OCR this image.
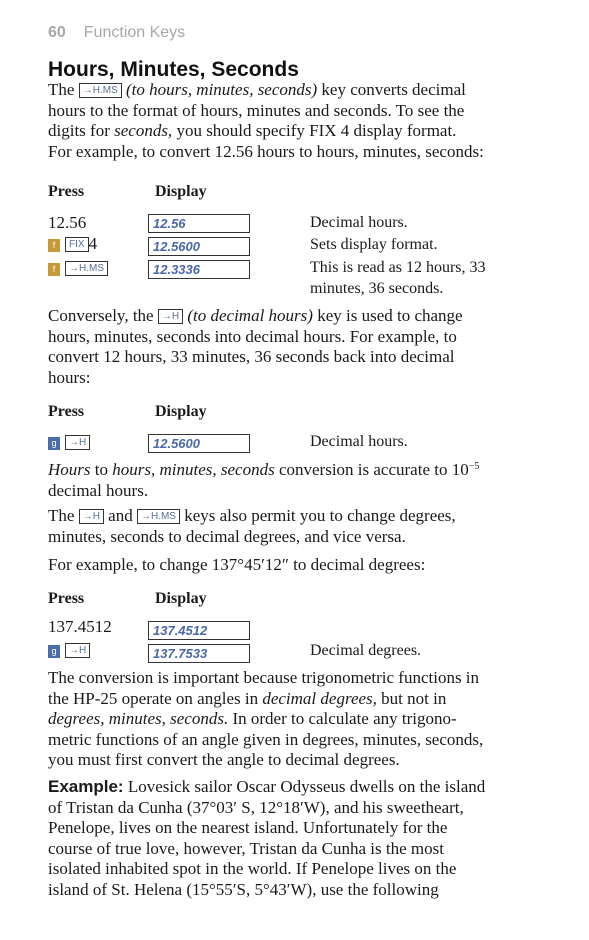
60 Function Keys
Hours, Minutes, Seconds
The →H.MS (to hours, minutes, seconds) key converts decimal
hours to the format of hours, minutes and seconds. To see the
digits for seconds, you should specify FIX 4 display format.
For example, to convert 12.56 hours to hours, minutes, seconds:
Press	Display
12.56	12.56	Decimal hours.
f FIX 4	12.5600	Sets display format.
f →H.MS	12.3336	This is read as 12 hours, 33
minutes, 36 seconds.
Conversely, the →H (to decimal hours) key is used to change
hours, minutes, seconds into decimal hours. For example, to
convert 12 hours, 33 minutes, 36 seconds back into decimal
hours:
Press	Display
g →H	12.5600	Decimal hours.
Hours to hours, minutes, seconds conversion is accurate to $10^{-5}$
decimal hours.
The →H and →H.MS keys also permit you to change degrees,
minutes, seconds to decimal degrees, and vice versa.
For example, to change 137°45′12″ to decimal degrees:
Press	Display
137.4512	137.4512
g →H	137.7533	Decimal degrees.
The conversion is important because trigonometric functions in
the HP-25 operate on angles in decimal degrees, but not in
degrees, minutes, seconds. In order to calculate any trigono-
metric functions of an angle given in degrees, minutes, seconds,
you must first convert the angle to decimal degrees.
Example: Lovesick sailor Oscar Odysseus dwells on the island
of Tristan da Cunha (37°03′ S, 12°18′W), and his sweetheart,
Penelope, lives on the nearest island. Unfortunately for the
course of true love, however, Tristan da Cunha is the most
isolated inhabited spot in the world. If Penelope lives on the
island of St. Helena (15°55′S, 5°43′W), use the following
